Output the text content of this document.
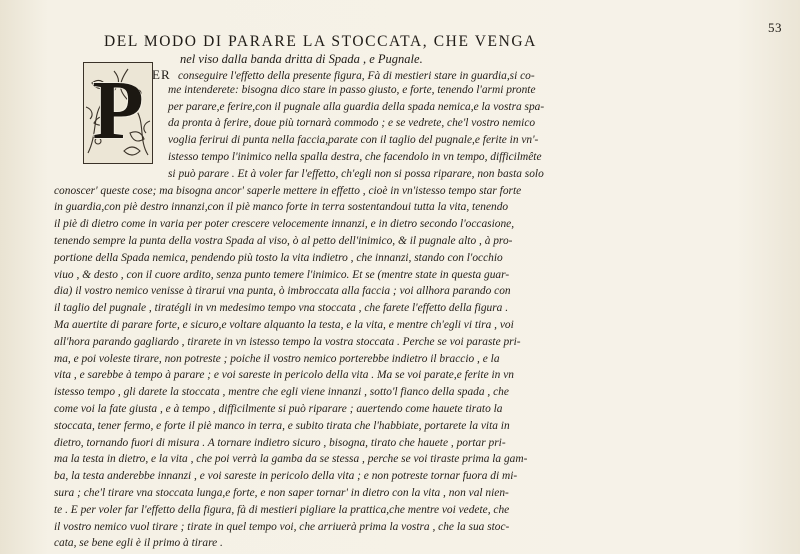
53
DEL MODO DI PARARE LA STOCCATA, CHE VENGA
nel viso dalla banda dritta di Spada , e Pugnale.
P ER conseguire l'effetto della presente figura, Fà di mestieri stare in guardia,si co-
me intenderete: bisogna dico stare in passo giusto, e forte, tenendo l'armi pronte
per parare,e ferire,con il pugnale alla guardia della spada nemica,e la vostra spa-
da pronta à ferire, doue più tornarà commodo ; e se vedrete, che'l vostro nemico
voglia ferirui di punta nella faccia,parate con il taglio del pugnale,e ferite in vn'-
istesso tempo l'inimico nella spalla destra, che facendolo in vn tempo, difficilmête
si può parare . Et à voler far l'effetto, ch'egli non si possa riparare, non basta solo
conoscer' queste cose; ma bisogna ancor' saperle mettere in effetto , cioè in vn'istesso tempo star forte
in guardia,con piè destro innanzi,con il piè manco forte in terra sostentandoui tutta la vita, tenendo
il piè di dietro come in varia per poter crescere velocemente innanzi, e in dietro secondo l'occasione,
tenendo sempre la punta della vostra Spada al viso, ò al petto dell'inimico, & il pugnale alto , à pro-
portione della Spada nemica, pendendo più tosto la vita indietro , che innanzi, stando con l'occhio
viuo , & desto , con il cuore ardito, senza punto temere l'inimico. Et se (mentre state in questa guar-
dia) il vostro nemico venisse à tirarui vna punta, ò imbroccata alla faccia ; voi allhora parando con
il taglio del pugnale , tiratégli in vn medesimo tempo vna stoccata , che farete l'effetto della figura .
Ma auertite di parare forte, e sicuro,e voltare alquanto la testa, e la vita, e mentre ch'egli vi tira , voi
all'hora parando gagliardo , tirarete in vn istesso tempo la vostra stoccata . Perche se voi paraste pri-
ma, e poi voleste tirare, non potreste ; poiche il vostro nemico porterebbe indietro il braccio , e la
vita , e sarebbe à tempo à parare ; e voi sareste in pericolo della vita . Ma se voi parate,e ferite in vn
istesso tempo , gli darete la stoccata , mentre che egli viene innanzi , sotto'l fianco della spada , che
come voi la fate giusta , e à tempo , difficilmente si può riparare ; auertendo come hauete tirato la
stoccata, tener fermo, e forte il piè manco in terra, e subito tirata che l'habbiate, portarete la vita in
dietro, tornando fuori di misura . A tornare indietro sicuro , bisogna, tirato che hauete , portar pri-
ma la testa in dietro, e la vita , che poi verrà la gamba da se stessa , perche se voi tiraste prima la gam-
ba, la testa anderebbe innanzi , e voi sareste in pericolo della vita ; e non potreste tornar fuora di mi-
sura ; che'l tirare vna stoccata lunga,e forte, e non saper tornar' in dietro con la vita , non val nien-
te . E per voler far l'effetto della figura, fà di mestieri pigliare la prattica,che mentre voi vedete, che
il vostro nemico vuol tirare ; tirate in quel tempo voi, che arriuerà prima la vostra , che la sua stoc-
cata, se bene egli è il primo à tirare .
